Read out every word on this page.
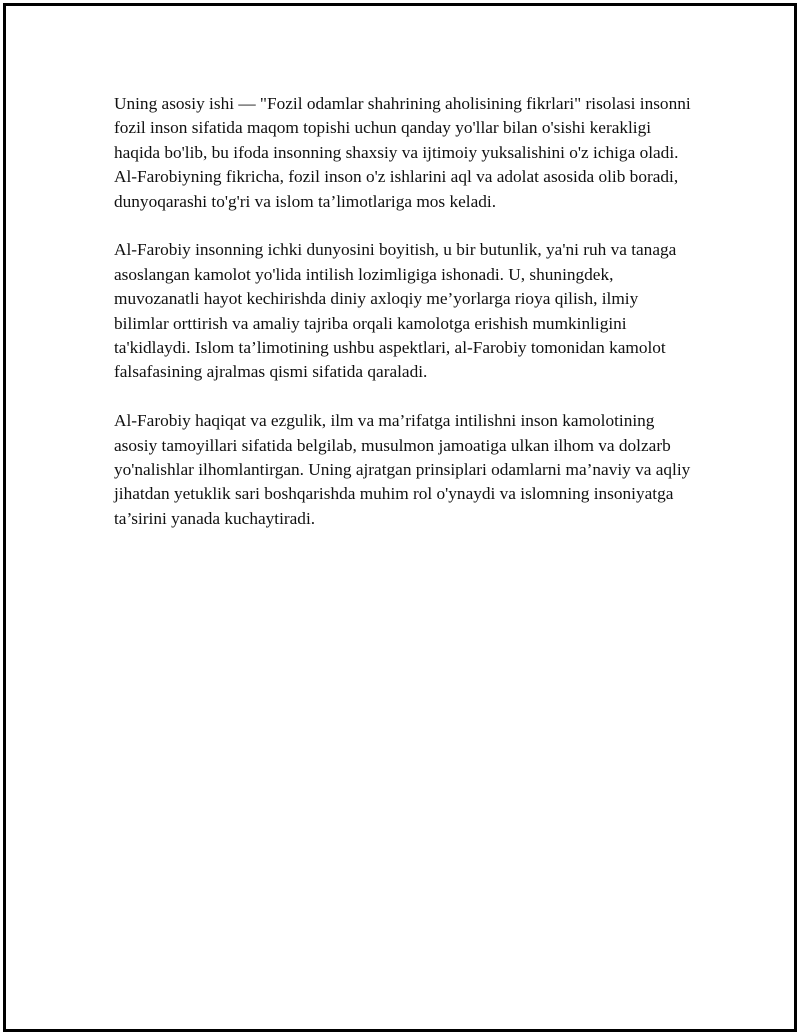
Uning asosiy ishi — "Fozil odamlar shahrining aholisining fikrlari" risolasi insonni fozil inson sifatida maqom topishi uchun qanday yo'llar bilan o'sishi kerakligi haqida bo'lib, bu ifoda insonning shaxsiy va ijtimoiy yuksalishini o'z ichiga oladi. Al-Farobiyning fikricha, fozil inson o'z ishlarini aql va adolat asosida olib boradi, dunyoqarashi to'g'ri va islom ta’limotlariga mos keladi.

Al-Farobiy insonning ichki dunyosini boyitish, u bir butunlik, ya'ni ruh va tanaga asoslangan kamolot yo'lida intilish lozimligiga ishonadi. U, shuningdek, muvozanatli hayot kechirishda diniy axloqiy me’yorlarga rioya qilish, ilmiy bilimlar orttirish va amaliy tajriba orqali kamolotga erishish mumkinligini ta'kidlaydi. Islom ta’limotining ushbu aspektlari, al-Farobiy tomonidan kamolot falsafasining ajralmas qismi sifatida qaraladi.

Al-Farobiy haqiqat va ezgulik, ilm va ma’rifatga intilishni inson kamolotining asosiy tamoyillari sifatida belgilab, musulmon jamoatiga ulkan ilhom va dolzarb yo'nalishlar ilhomlantirgan. Uning ajratgan prinsiplari odamlarni ma’naviy va aqliy jihatdan yetuklik sari boshqarishda muhim rol o'ynaydi va islomning insoniyatga ta’sirini yanada kuchaytiradi.
